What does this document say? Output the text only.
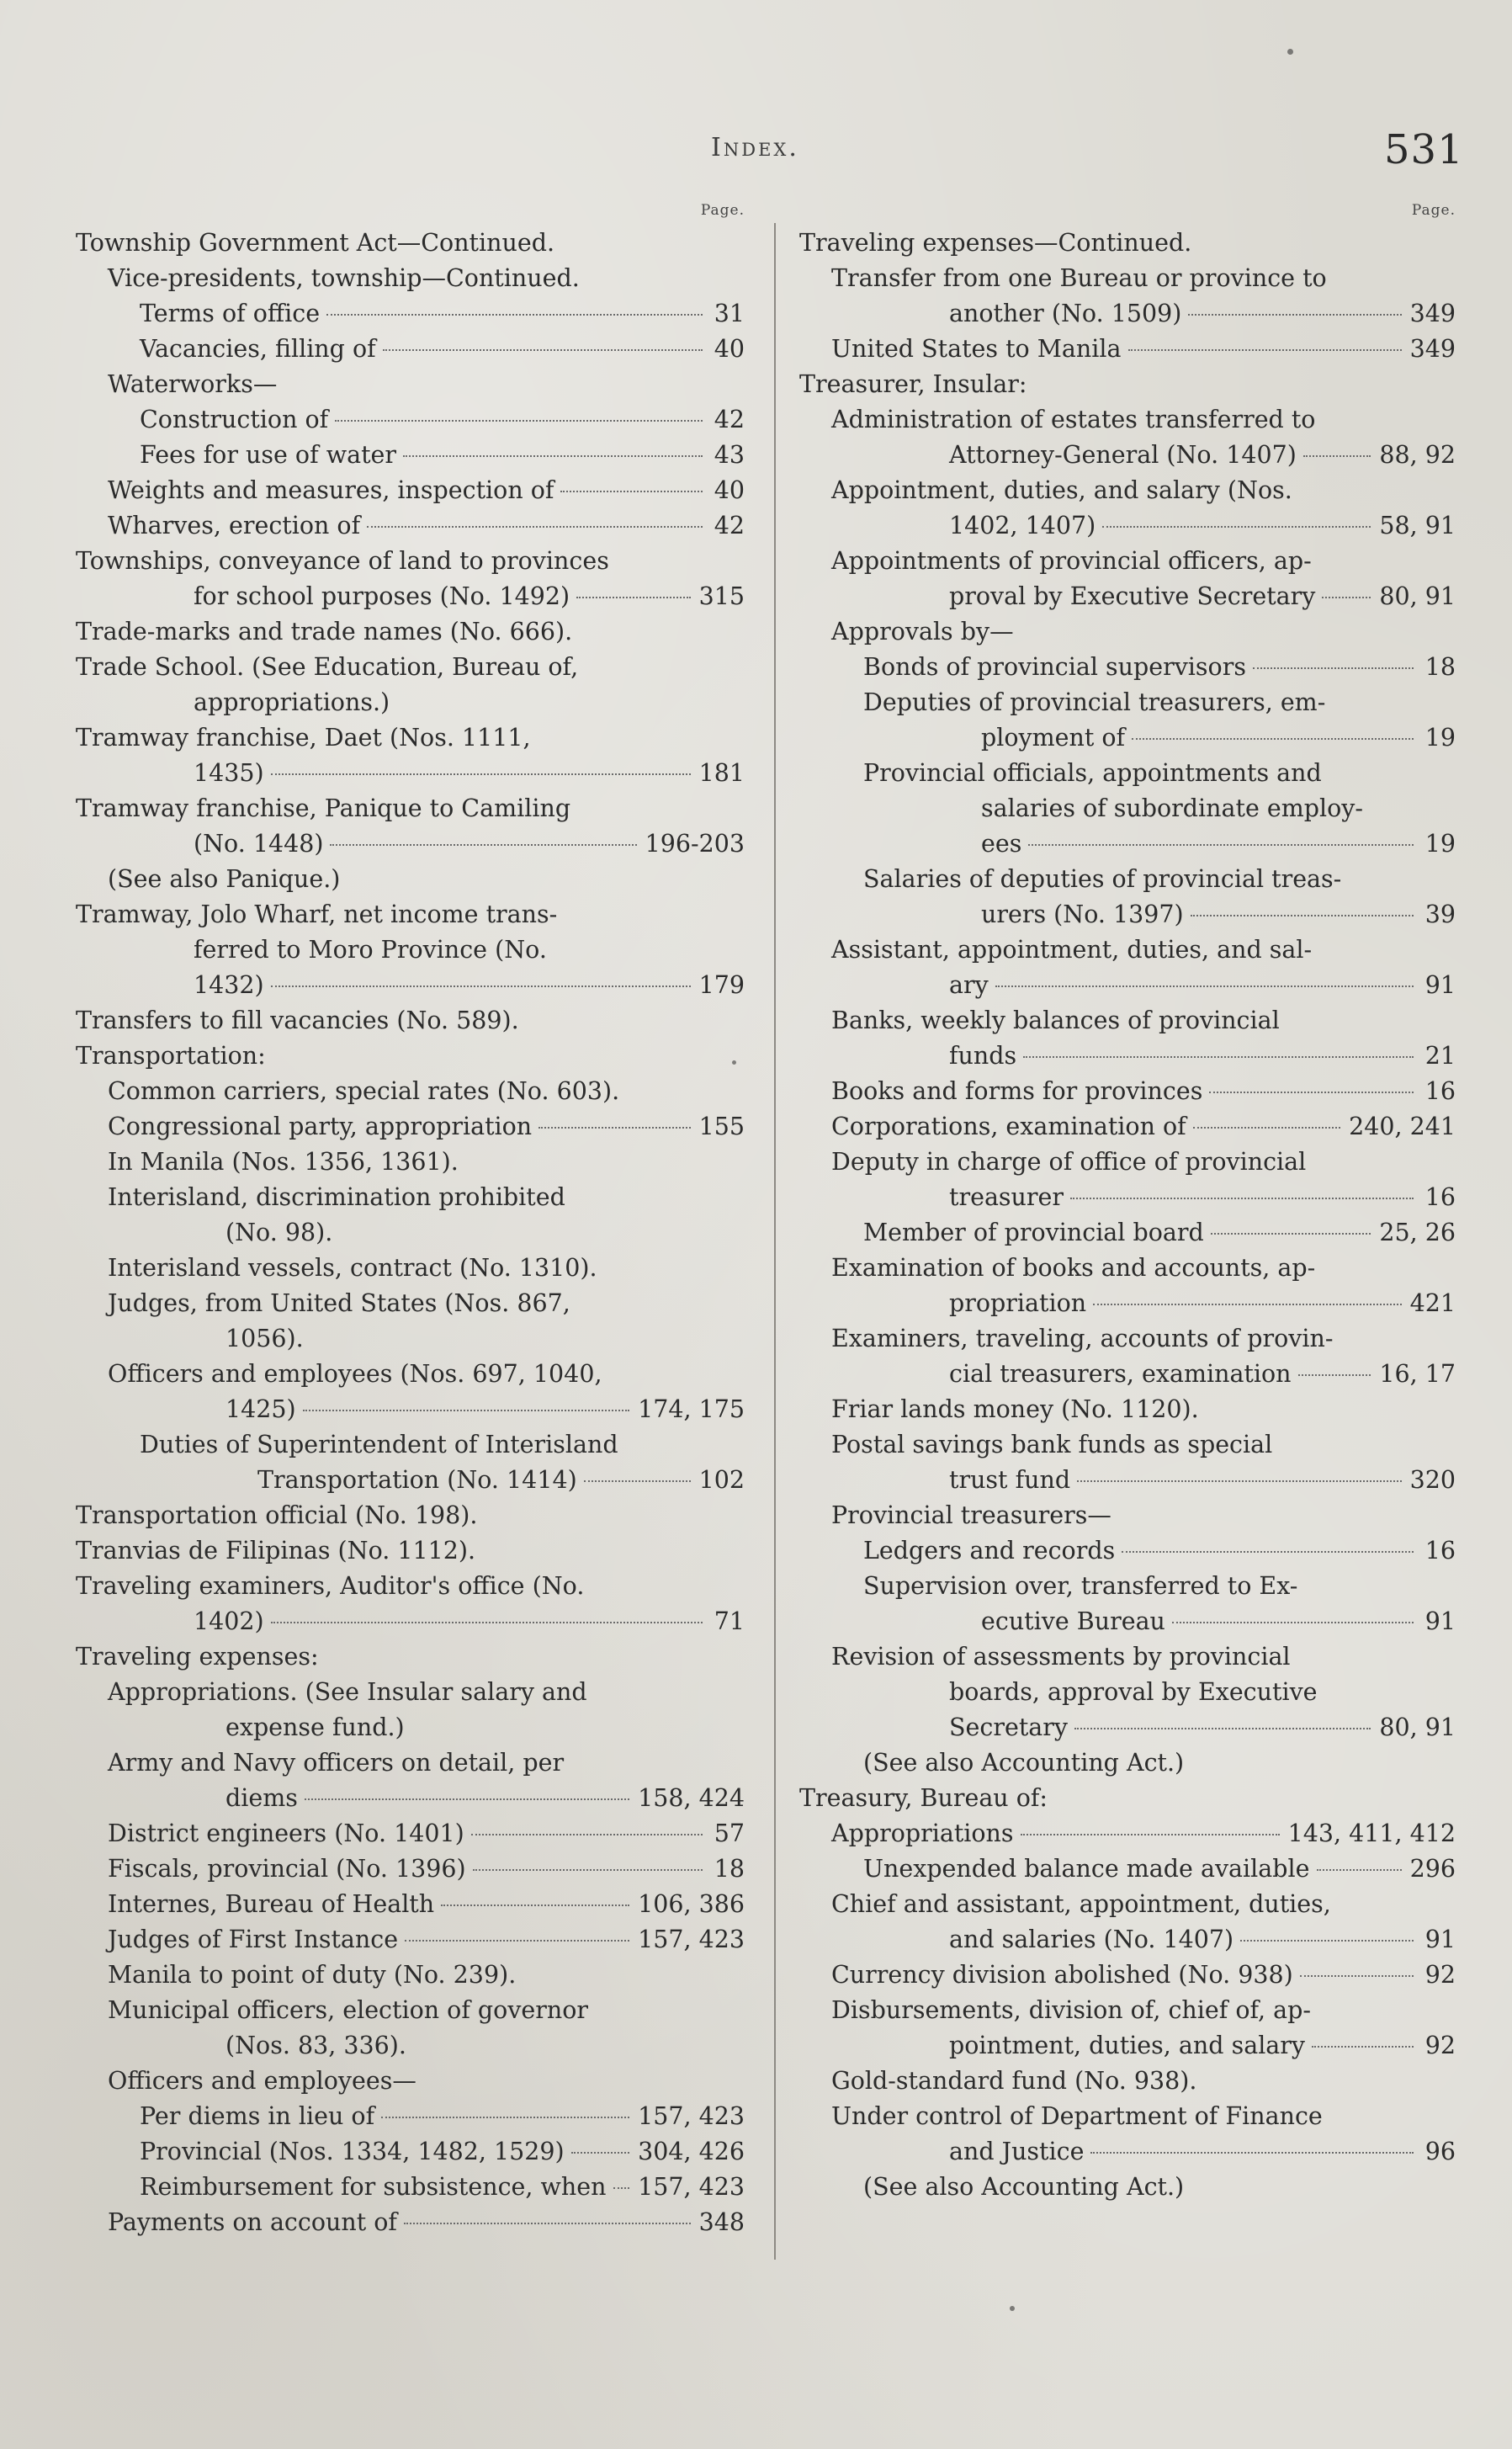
Index.	531
Page.
Township Government Act—Continued.
Vice-presidents, township—Continued.
Terms of office	31
Vacancies, filling of	40
Waterworks—
Construction of	42
Fees for use of water	43
Weights and measures, inspection of	40
Wharves, erection of	42
Townships, conveyance of land to provinces
for school purposes (No. 1492)	315
Trade-marks and trade names (No. 666).
Trade School. (See Education, Bureau of,
appropriations.)
Tramway franchise, Daet (Nos. 1111,
1435)	181
Tramway franchise, Panique to Camiling
(No. 1448)	196-203
(See also Panique.)
Tramway, Jolo Wharf, net income trans-
ferred to Moro Province (No.
1432)	179
Transfers to fill vacancies (No. 589).
Transportation:
Common carriers, special rates (No. 603).
Congressional party, appropriation	155
In Manila (Nos. 1356, 1361).
Interisland, discrimination prohibited
(No. 98).
Interisland vessels, contract (No. 1310).
Judges, from United States (Nos. 867,
1056).
Officers and employees (Nos. 697, 1040,
1425)	174, 175
Duties of Superintendent of Interisland
Transportation (No. 1414)	102
Transportation official (No. 198).
Tranvias de Filipinas (No. 1112).
Traveling examiners, Auditor's office (No.
1402)	71
Traveling expenses:
Appropriations. (See Insular salary and
expense fund.)
Army and Navy officers on detail, per
diems	158, 424
District engineers (No. 1401)	57
Fiscals, provincial (No. 1396)	18
Internes, Bureau of Health	106, 386
Judges of First Instance	157, 423
Manila to point of duty (No. 239).
Municipal officers, election of governor
(Nos. 83, 336).
Officers and employees—
Per diems in lieu of	157, 423
Provincial (Nos. 1334, 1482, 1529)	304, 426
Reimbursement for subsistence, when 157, 423
Payments on account of	348
Page.
Traveling expenses—Continued.
Transfer from one Bureau or province to
another (No. 1509)	349
United States to Manila	349
Treasurer, Insular:
Administration of estates transferred to
Attorney-General (No. 1407)	88, 92
Appointment, duties, and salary (Nos.
1402, 1407)	58, 91
Appointments of provincial officers, ap-
proval by Executive Secretary	80, 91
Approvals by—
Bonds of provincial supervisors	18
Deputies of provincial treasurers, em-
ployment of	19
Provincial officials, appointments and
salaries of subordinate employ-
ees	19
Salaries of deputies of provincial treas-
urers (No. 1397)	39
Assistant, appointment, duties, and sal-
ary	91
Banks, weekly balances of provincial
funds	21
Books and forms for provinces	16
Corporations, examination of	240, 241
Deputy in charge of office of provincial
treasurer	16
Member of provincial board	25, 26
Examination of books and accounts, ap-
propriation	421
Examiners, traveling, accounts of provin-
cial treasurers, examination	16, 17
Friar lands money (No. 1120).
Postal savings bank funds as special
trust fund	320
Provincial treasurers—
Ledgers and records	16
Supervision over, transferred to Ex-
ecutive Bureau	91
Revision of assessments by provincial
boards, approval by Executive
Secretary	80, 91
(See also Accounting Act.)
Treasury, Bureau of:
Appropriations	143, 411, 412
Unexpended balance made available	296
Chief and assistant, appointment, duties,
and salaries (No. 1407)	91
Currency division abolished (No. 938)	92
Disbursements, division of, chief of, ap-
pointment, duties, and salary	92
Gold-standard fund (No. 938).
Under control of Department of Finance
and Justice	96
(See also Accounting Act.)
